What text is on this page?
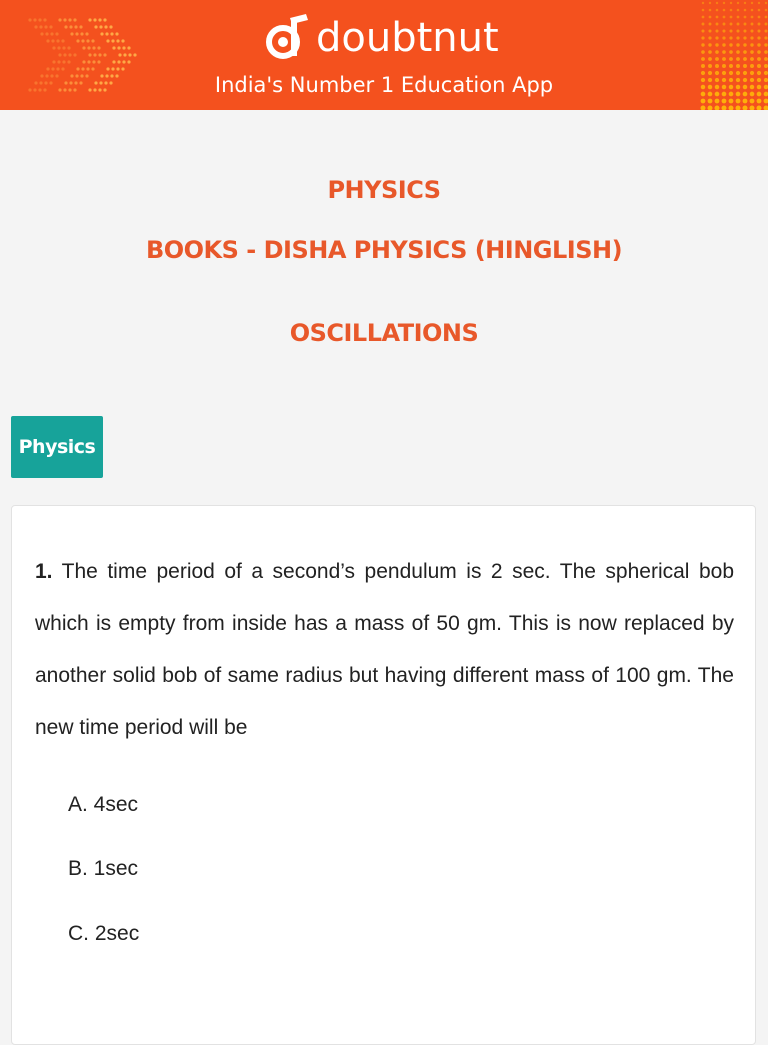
doubtnut
India's Number 1 Education App
PHYSICS
BOOKS - DISHA PHYSICS (HINGLISH)
OSCILLATIONS
Physics
1. The time period of a second’s pendulum is 2 sec. The spherical bob which is empty from inside has a mass of 50 gm. This is now replaced by another solid bob of same radius but having different mass of 100 gm. The new time period will be
A. 4sec
B. 1sec
C. 2sec
